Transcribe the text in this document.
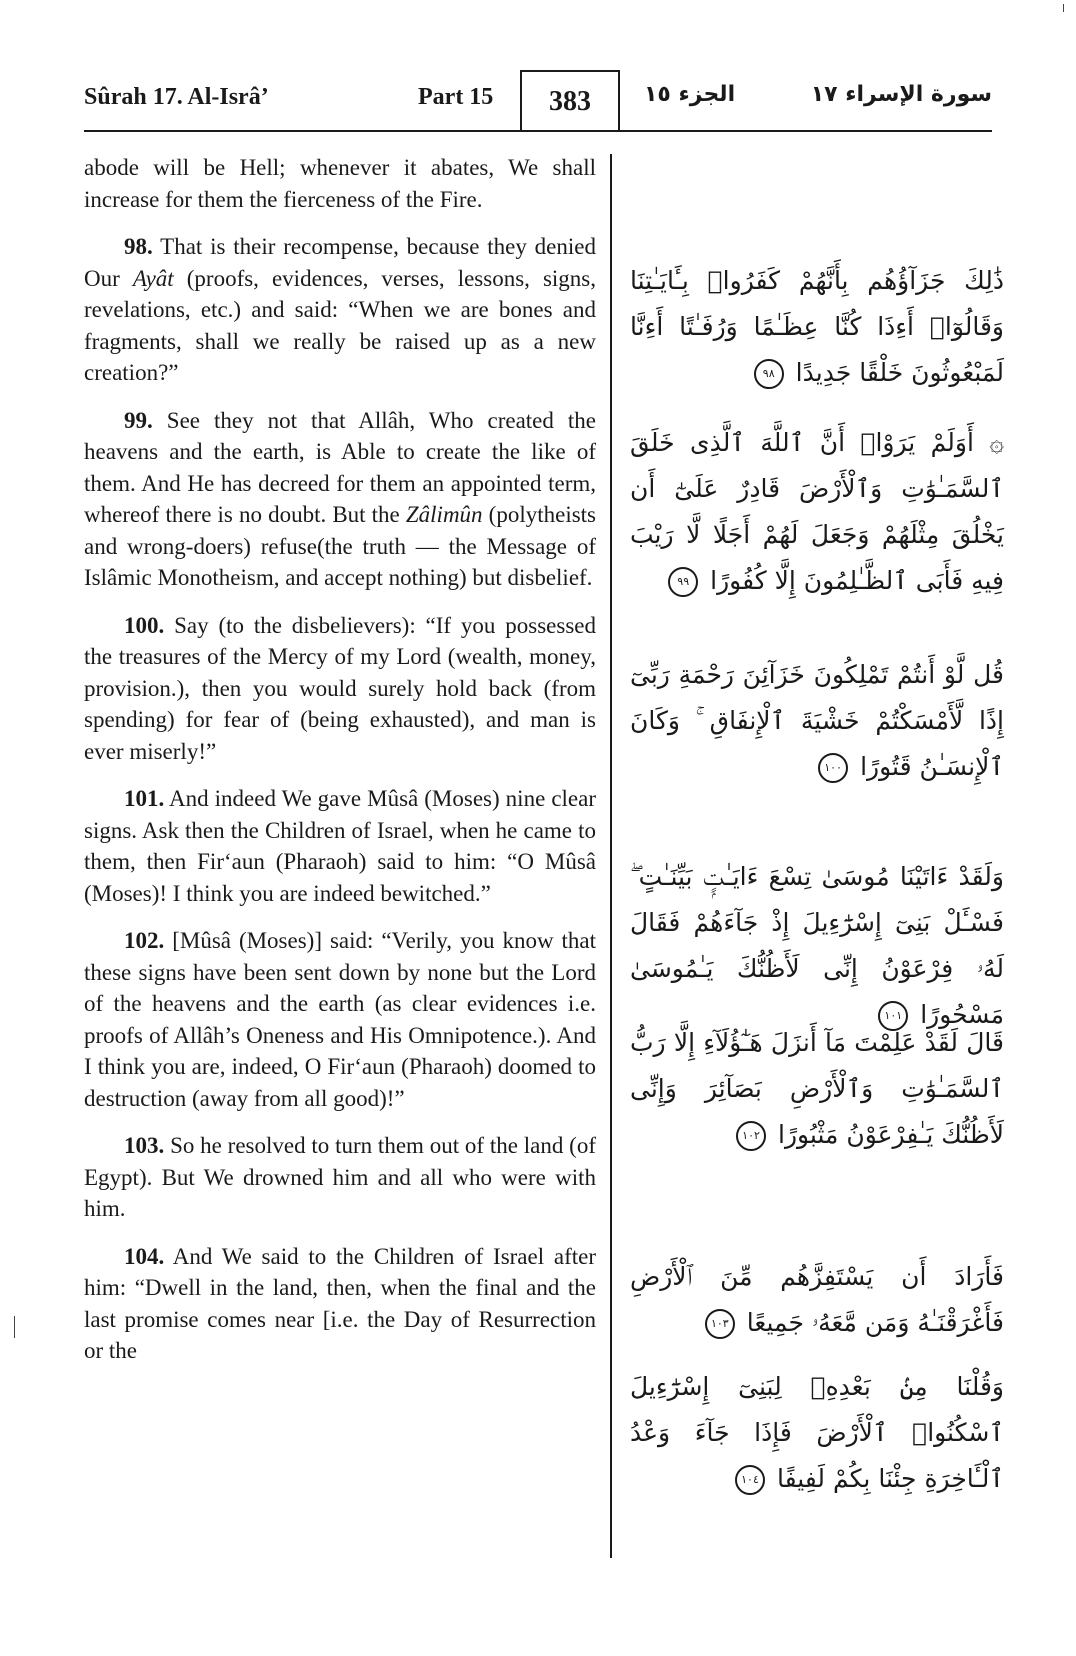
Sûrah 17. Al-Isrâ’	Part 15 383 الجزء ١٥	سورة الإسراء ١٧

abode will be Hell; whenever it abates, We shall increase for them the fierceness of the Fire.

98. That is their recompense, because they denied Our Ayât (proofs, evidences, verses, lessons, signs, revelations, etc.) and said: “When we are bones and fragments, shall we really be raised up as a new creation?”

99. See they not that Allâh, Who created the heavens and the earth, is Able to create the like of them. And He has decreed for them an appointed term, whereof there is no doubt. But the Zâlimûn (polytheists and wrong-doers) refuse(the truth — the Message of Islâmic Monotheism, and accept nothing) but disbelief.

100. Say (to the disbelievers): “If you possessed the treasures of the Mercy of my Lord (wealth, money, provision.), then you would surely hold back (from spending) for fear of (being exhausted), and man is ever miserly!”

101. And indeed We gave Mûsâ (Moses) nine clear signs. Ask then the Children of Israel, when he came to them, then Fir‘aun (Pharaoh) said to him: “O Mûsâ (Moses)! I think you are indeed bewitched.”

102. [Mûsâ (Moses)] said: “Verily, you know that these signs have been sent down by none but the Lord of the heavens and the earth (as clear evidences i.e. proofs of Allâh’s Oneness and His Omnipotence.). And I think you are, indeed, O Fir‘aun (Pharaoh) doomed to destruction (away from all good)!”

103. So he resolved to turn them out of the land (of Egypt). But We drowned him and all who were with him.

104. And We said to the Children of Israel after him: “Dwell in the land, then, when the final and the last promise comes near [i.e. the Day of Resurrection or the

ذَٰلِكَ جَزَآؤُهُم بِأَنَّهُمْ كَفَرُوا۟ بِـَٔايَـٰتِنَا وَقَالُوٓا۟ أَءِذَا كُنَّا عِظَـٰمًا وَرُفَـٰتًا أَءِنَّا لَمَبْعُوثُونَ خَلْقًا جَدِيدًا ٩٨
۞ أَوَلَمْ يَرَوْا۟ أَنَّ ٱللَّهَ ٱلَّذِى خَلَقَ ٱلسَّمَـٰوَٰتِ وَٱلْأَرْضَ قَادِرٌ عَلَىٰٓ أَن يَخْلُقَ مِثْلَهُمْ وَجَعَلَ لَهُمْ أَجَلًا لَّا رَيْبَ فِيهِ فَأَبَى ٱلظَّـٰلِمُونَ إِلَّا كُفُورًا ٩٩
قُل لَّوْ أَنتُمْ تَمْلِكُونَ خَزَآئِنَ رَحْمَةِ رَبِّىٓ إِذًا لَّأَمْسَكْتُمْ خَشْيَةَ ٱلْإِنفَاقِ ۚ وَكَانَ ٱلْإِنسَـٰنُ قَتُورًا ١٠٠
وَلَقَدْ ءَاتَيْنَا مُوسَىٰ تِسْعَ ءَايَـٰتٍۭ بَيِّنَـٰتٍ ۖ فَسْـَٔلْ بَنِىٓ إِسْرَٰٓءِيلَ إِذْ جَآءَهُمْ فَقَالَ لَهُۥ فِرْعَوْنُ إِنِّى لَأَظُنُّكَ يَـٰمُوسَىٰ مَسْحُورًا ١٠١
قَالَ لَقَدْ عَلِمْتَ مَآ أَنزَلَ هَـٰٓؤُلَآءِ إِلَّا رَبُّ ٱلسَّمَـٰوَٰتِ وَٱلْأَرْضِ بَصَآئِرَ وَإِنِّى لَأَظُنُّكَ يَـٰفِرْعَوْنُ مَثْبُورًا ١٠٢
فَأَرَادَ أَن يَسْتَفِزَّهُم مِّنَ ٱلْأَرْضِ فَأَغْرَقْنَـٰهُ وَمَن مَّعَهُۥ جَمِيعًا ١٠٣
وَقُلْنَا مِنۢ بَعْدِهِۦ لِبَنِىٓ إِسْرَٰٓءِيلَ ٱسْكُنُوا۟ ٱلْأَرْضَ فَإِذَا جَآءَ وَعْدُ ٱلْـَٔاخِرَةِ جِئْنَا بِكُمْ لَفِيفًا ١٠٤
